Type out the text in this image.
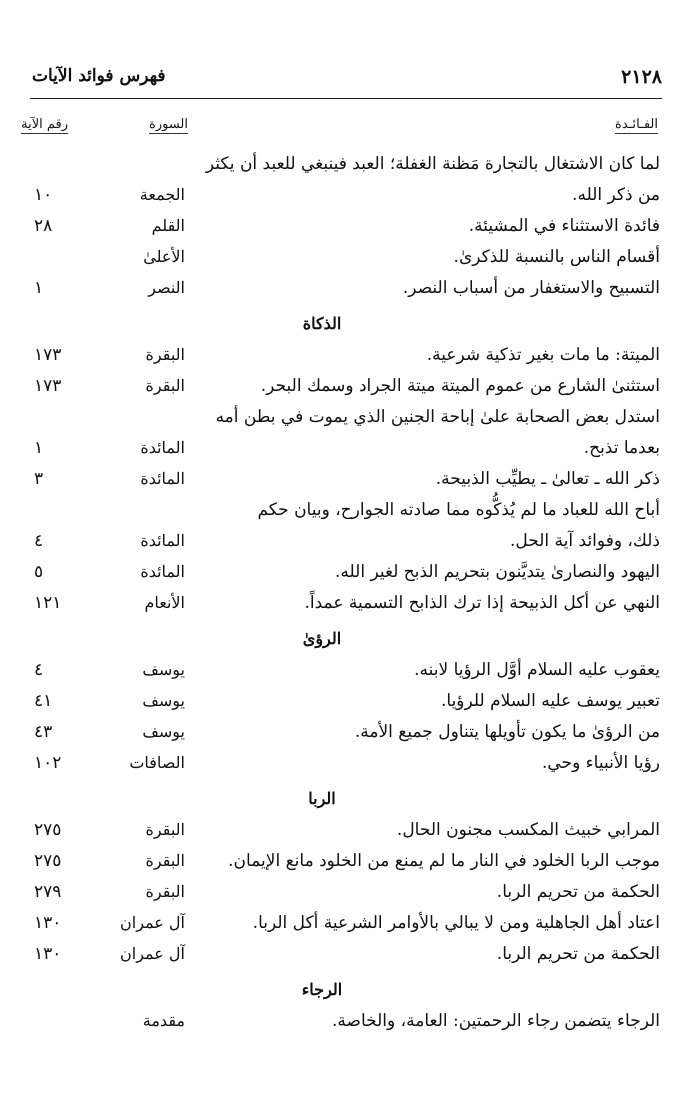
فهرس فوائد الآيات	٢١٢٨
الفـائـدة
السورة
رقم الآية
لما كان الاشتغال بالتجارة مَظنة الغفلة؛ العبد فينبغي للعبد أن يكثر
من ذكر الله.
الجمعة
١٠
فائدة الاستثناء في المشيئة.
القلم
٢٨
أقسام الناس بالنسبة للذكرىٰ.
الأعلىٰ
التسبيح والاستغفار من أسباب النصر.
النصر
١
الذكاة
الميتة: ما مات بغير تذكية شرعية.
البقرة
١٧٣
استثنىٰ الشارع من عموم الميتة ميتة الجراد وسمك البحر.
البقرة
١٧٣
استدل بعض الصحابة علىٰ إباحة الجنين الذي يموت في بطن أمه
بعدما تذبح.
المائدة
١
ذكر الله ـ تعالىٰ ـ يطيِّب الذبيحة.
المائدة
٣
أباح الله للعباد ما لم يُذكُّوه مما صادته الجوارح، وبيان حكم
ذلك، وفوائد آية الحل.
المائدة
٤
اليهود والنصارىٰ يتديَّنون بتحريم الذبح لغير الله.
المائدة
٥
النهي عن أكل الذبيحة إذا ترك الذابح التسمية عمداً.
الأنعام
١٢١
الرؤىٰ
يعقوب عليه السلام أوَّل الرؤيا لابنه.
يوسف
٤
تعبير يوسف عليه السلام للرؤيا.
يوسف
٤١
من الرؤىٰ ما يكون تأويلها يتناول جميع الأمة.
يوسف
٤٣
رؤيا الأنبياء وحي.
الصافات
١٠٢
الربا
المرابي خبيث المكسب مجنون الحال.
البقرة
٢٧٥
موجب الربا الخلود في النار ما لم يمنع من الخلود مانع الإيمان.
البقرة
٢٧٥
الحكمة من تحريم الربا.
البقرة
٢٧٩
اعتاد أهل الجاهلية ومن لا يبالي بالأوامر الشرعية أكل الربا.
آل عمران
١٣٠
الحكمة من تحريم الربا.
آل عمران
١٣٠
الرجاء
الرجاء يتضمن رجاء الرحمتين: العامة، والخاصة.
مقدمة
